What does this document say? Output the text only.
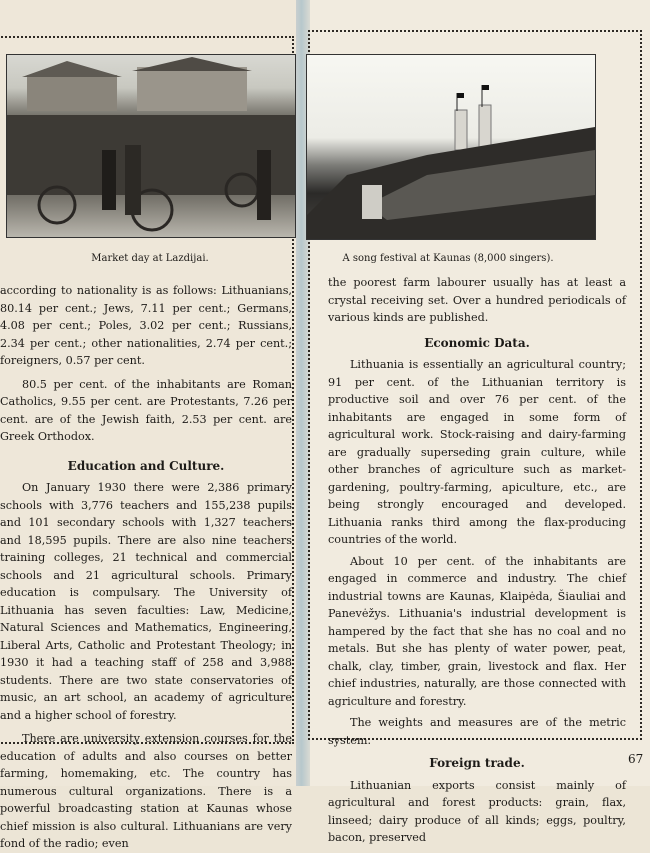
Market day at Lazdijai.	A song festival at Kaunas (8,000 singers).

according to nationality is as follows: Lithuanians, 80.14 per cent.; Jews, 7.11 per cent.; Germans, 4.08 per cent.; Poles, 3.02 per cent.; Russians, 2.34 per cent.; other nationalities, 2.74 per cent.; foreigners, 0.57 per cent.

80.5 per cent. of the inhabitants are Roman Catholics, 9.55 per cent. are Protestants, 7.26 per cent. are of the Jewish faith, 2.53 per cent. are Greek Orthodox.

Education and Culture.

On January 1930 there were 2,386 primary schools with 3,776 teachers and 155,238 pupils and 101 secondary schools with 1,327 teachers and 18,595 pupils. There are also nine teachers training colleges, 21 technical and commercial schools and 21 agricultural schools. Primary education is compulsary. The University of Lithuania has seven faculties: Law, Medicine, Natural Sciences and Mathematics, Engineering, Liberal Arts, Catholic and Protestant Theology; in 1930 it had a teaching staff of 258 and 3,988 students. There are two state conservatories of music, an art school, an academy of agriculture and a higher school of forestry.

There are university extension courses for the education of adults and also courses on better farming, homemaking, etc. The country has numerous cultural organizations. There is a powerful broadcasting station at Kaunas whose chief mission is also cultural. Lithuanians are very fond of the radio; even

the poorest farm labourer usually has at least a crystal receiving set. Over a hundred periodicals of various kinds are published.

Economic Data.

Lithuania is essentially an agricultural country; 91 per cent. of the Lithuanian territory is productive soil and over 76 per cent. of the inhabitants are engaged in some form of agricultural work. Stock-raising and dairy-farming are gradually superseding grain culture, while other branches of agriculture such as market-gardening, poultry-farming, apiculture, etc., are being strongly encouraged and developed. Lithuania ranks third among the flax-producing countries of the world.

About 10 per cent. of the inhabitants are engaged in commerce and industry. The chief industrial towns are Kaunas, Klaipėda, Šiauliai and Panevėžys. Lithuania's industrial development is hampered by the fact that she has no coal and no metals. But she has plenty of water power, peat, chalk, clay, timber, grain, livestock and flax. Her chief industries, naturally, are those connected with agriculture and forestry.

The weights and measures are of the metric system.

Foreign trade.

Lithuanian exports consist mainly of agricultural and forest products: grain, flax, linseed; dairy produce of all kinds; eggs, poultry, bacon, preserved

67
